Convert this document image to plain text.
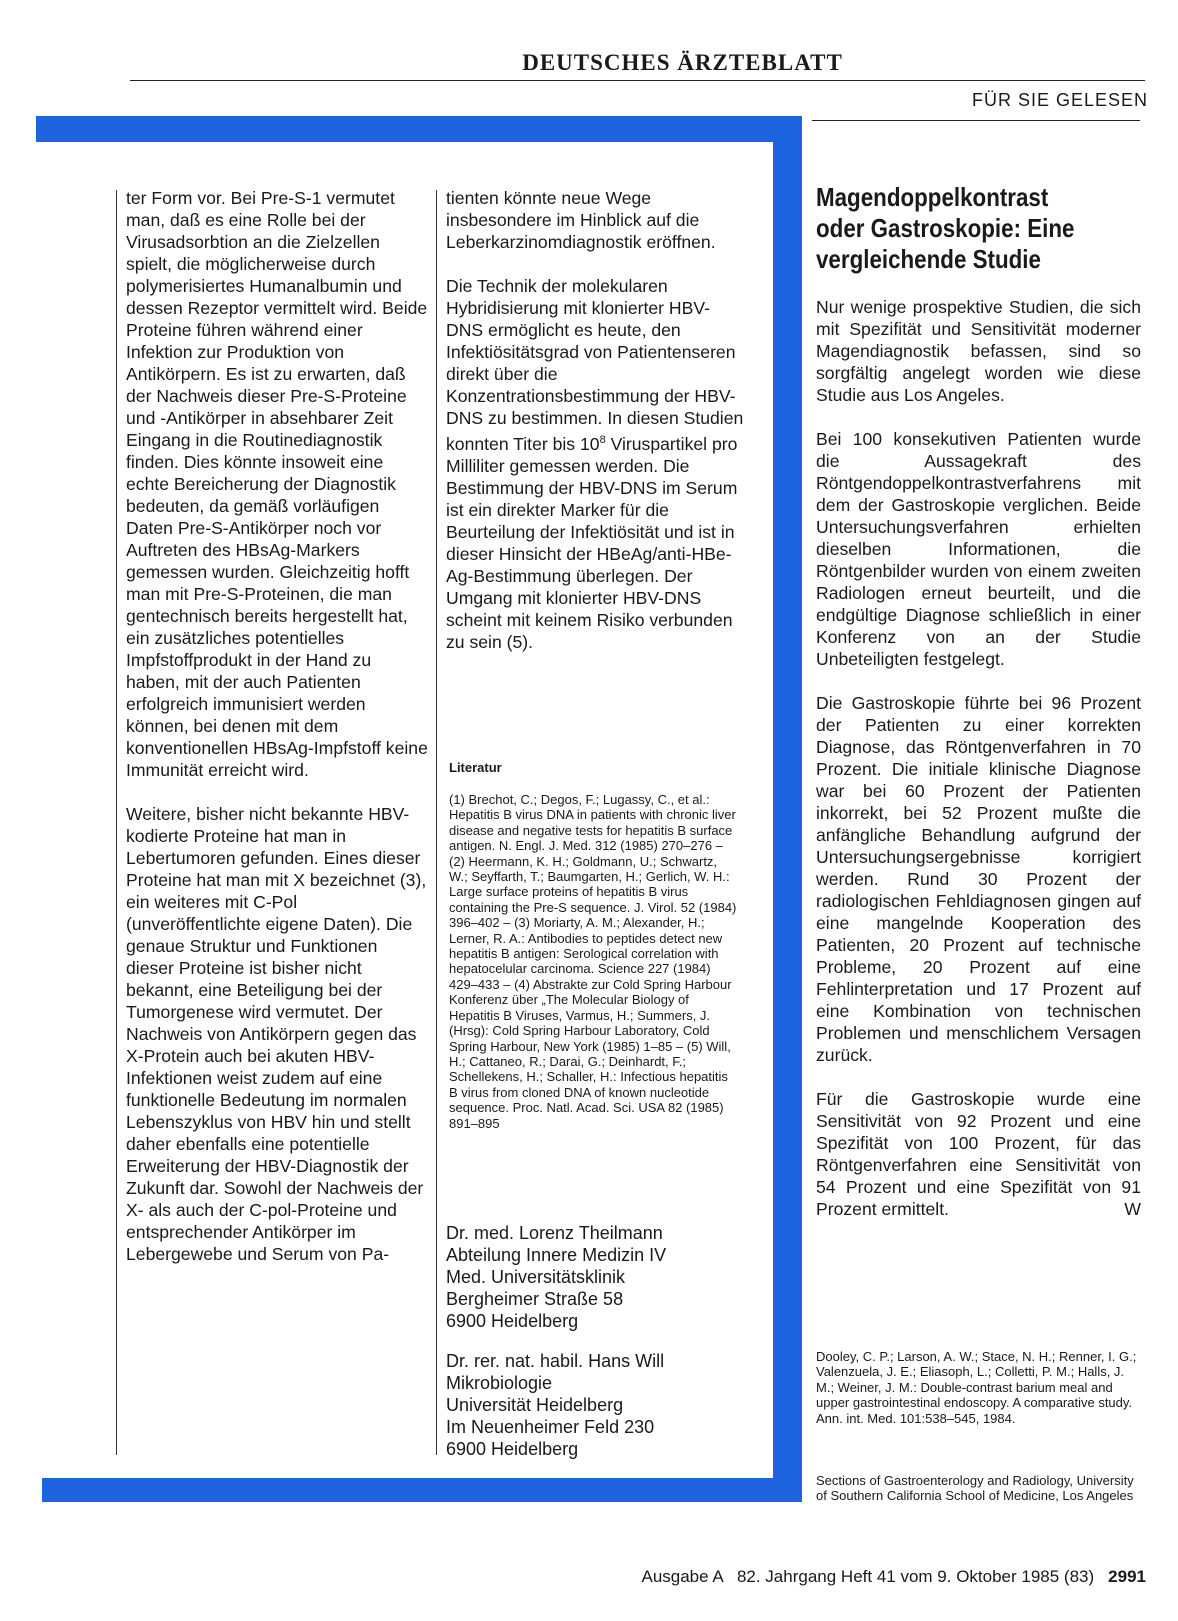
DEUTSCHES ÄRZTEBLATT
FÜR SIE GELESEN

ter Form vor. Bei Pre-S-1 vermutet man, daß es eine Rolle bei der Virusadsorbtion an die Zielzellen spielt, die möglicherweise durch polymerisiertes Humanalbumin und dessen Rezeptor vermittelt wird. Beide Proteine führen während einer Infektion zur Produktion von Antikörpern. Es ist zu erwarten, daß der Nachweis dieser Pre-S-Proteine und -Antikörper in absehbarer Zeit Eingang in die Routinediagnostik finden. Dies könnte insoweit eine echte Bereicherung der Diagnostik bedeuten, da gemäß vorläufigen Daten Pre-S-Antikörper noch vor Auftreten des HBsAg-Markers gemessen wurden. Gleichzeitig hofft man mit Pre-S-Proteinen, die man gentechnisch bereits hergestellt hat, ein zusätzliches potentielles Impfstoffprodukt in der Hand zu haben, mit der auch Patienten erfolgreich immunisiert werden können, bei denen mit dem konventionellen HBsAg-Impfstoff keine Immunität erreicht wird.

Weitere, bisher nicht bekannte HBV-kodierte Proteine hat man in Lebertumoren gefunden. Eines dieser Proteine hat man mit X bezeichnet (3), ein weiteres mit C-Pol (unveröffentlichte eigene Daten). Die genaue Struktur und Funktionen dieser Proteine ist bisher nicht bekannt, eine Beteiligung bei der Tumorgenese wird vermutet. Der Nachweis von Antikörpern gegen das X-Protein auch bei akuten HBV-Infektionen weist zudem auf eine funktionelle Bedeutung im normalen Lebenszyklus von HBV hin und stellt daher ebenfalls eine potentielle Erweiterung der HBV-Diagnostik der Zukunft dar. Sowohl der Nachweis der X- als auch der C-pol-Proteine und entsprechender Antikörper im Lebergewebe und Serum von Pa-

tienten könnte neue Wege insbesondere im Hinblick auf die Leberkarzinomdiagnostik eröffnen.

Die Technik der molekularen Hybridisierung mit klonierter HBV-DNS ermöglicht es heute, den Infektiösitätsgrad von Patientenseren direkt über die Konzentrationsbestimmung der HBV-DNS zu bestimmen. In diesen Studien konnten Titer bis $10^8$ Viruspartikel pro Milliliter gemessen werden. Die Bestimmung der HBV-DNS im Serum ist ein direkter Marker für die Beurteilung der Infektiösität und ist in dieser Hinsicht der HBeAg/anti-HBe-Ag-Bestimmung überlegen. Der Umgang mit klonierter HBV-DNS scheint mit keinem Risiko verbunden zu sein (5).

Literatur
(1) Brechot, C.; Degos, F.; Lugassy, C., et al.: Hepatitis B virus DNA in patients with chronic liver disease and negative tests for hepatitis B surface antigen. N. Engl. J. Med. 312 (1985) 270–276 – (2) Heermann, K. H.; Goldmann, U.; Schwartz, W.; Seyffarth, T.; Baumgarten, H.; Gerlich, W. H.: Large surface proteins of hepatitis B virus containing the Pre-S sequence. J. Virol. 52 (1984) 396–402 – (3) Moriarty, A. M.; Alexander, H.; Lerner, R. A.: Antibodies to peptides detect new hepatitis B antigen: Serological correlation with hepatocelular carcinoma. Science 227 (1984) 429–433 – (4) Abstrakte zur Cold Spring Harbour Konferenz über „The Molecular Biology of Hepatitis B Viruses, Varmus, H.; Summers, J. (Hrsg): Cold Spring Harbour Laboratory, Cold Spring Harbour, New York (1985) 1–85 – (5) Will, H.; Cattaneo, R.; Darai, G.; Deinhardt, F.; Schellekens, H.; Schaller, H.: Infectious hepatitis B virus from cloned DNA of known nucleotide sequence. Proc. Natl. Acad. Sci. USA 82 (1985) 891–895
Dr. med. Lorenz Theilmann
Abteilung Innere Medizin IV
Med. Universitätsklinik
Bergheimer Straße 58
6900 Heidelberg
Dr. rer. nat. habil. Hans Will
Mikrobiologie
Universität Heidelberg
Im Neuenheimer Feld 230
6900 Heidelberg
Magendoppelkontrast oder Gastroskopie: Eine vergleichende Studie

Nur wenige prospektive Studien, die sich mit Spezifität und Sensitivität moderner Magendiagnostik befassen, sind so sorgfältig angelegt worden wie diese Studie aus Los Angeles.

Bei 100 konsekutiven Patienten wurde die Aussagekraft des Röntgendoppelkontrastverfahrens mit dem der Gastroskopie verglichen. Beide Untersuchungsverfahren erhielten dieselben Informationen, die Röntgenbilder wurden von einem zweiten Radiologen erneut beurteilt, und die endgültige Diagnose schließlich in einer Konferenz von an der Studie Unbeteiligten festgelegt.

Die Gastroskopie führte bei 96 Prozent der Patienten zu einer korrekten Diagnose, das Röntgenverfahren in 70 Prozent. Die initiale klinische Diagnose war bei 60 Prozent der Patienten inkorrekt, bei 52 Prozent mußte die anfängliche Behandlung aufgrund der Untersuchungsergebnisse korrigiert werden. Rund 30 Prozent der radiologischen Fehldiagnosen gingen auf eine mangelnde Kooperation des Patienten, 20 Prozent auf technische Probleme, 20 Prozent auf eine Fehlinterpretation und 17 Prozent auf eine Kombination von technischen Problemen und menschlichem Versagen zurück.

Für die Gastroskopie wurde eine Sensitivität von 92 Prozent und eine Spezifität von 100 Prozent, für das Röntgenverfahren eine Sensitivität von 54 Prozent und eine Spezifität von 91 Prozent ermittelt.	W

Dooley, C. P.; Larson, A. W.; Stace, N. H.; Renner, I. G.; Valenzuela, J. E.; Eliasoph, L.; Colletti, P. M.; Halls, J. M.; Weiner, J. M.: Double-contrast barium meal and upper gastrointestinal endoscopy. A comparative study. Ann. int. Med. 101:538–545, 1984.
Sections of Gastroenterology and Radiology, University of Southern California School of Medicine, Los Angeles
Ausgabe A   82. Jahrgang Heft 41 vom 9. Oktober 1985 (83) 2991
